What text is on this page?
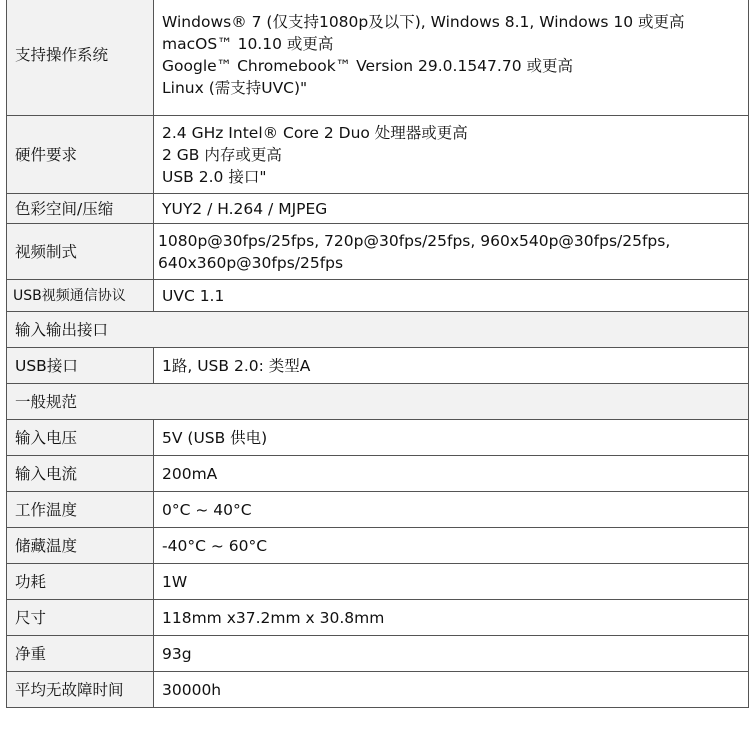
支持操作系统	Windows® 7 (仅支持1080p及以下), Windows 8.1, Windows 10 或更高
macOS™ 10.10 或更高
Google™ Chromebook™ Version 29.0.1547.70 或更高
Linux (需支持UVC)"

硬件要求	2.4 GHz Intel® Core 2 Duo 处理器或更高
2 GB 内存或更高
USB 2.0 接口"

色彩空间/压缩	YUY2 / H.264 / MJPEG
视频制式	1080p@30fps/25fps, 720p@30fps/25fps, 960x540p@30fps/25fps,
640x360p@30fps/25fps

USB视频通信协议	UVC 1.1
输入输出接口	
USB接口	1路, USB 2.0: 类型A
一般规范	
输入电压	5V (USB 供电)
输入电流	200mA
工作温度	0°C ~ 40°C
储藏温度	-40°C ~ 60°C
功耗	1W
尺寸	118mm x37.2mm x 30.8mm
净重	93g
平均无故障时间	30000h
